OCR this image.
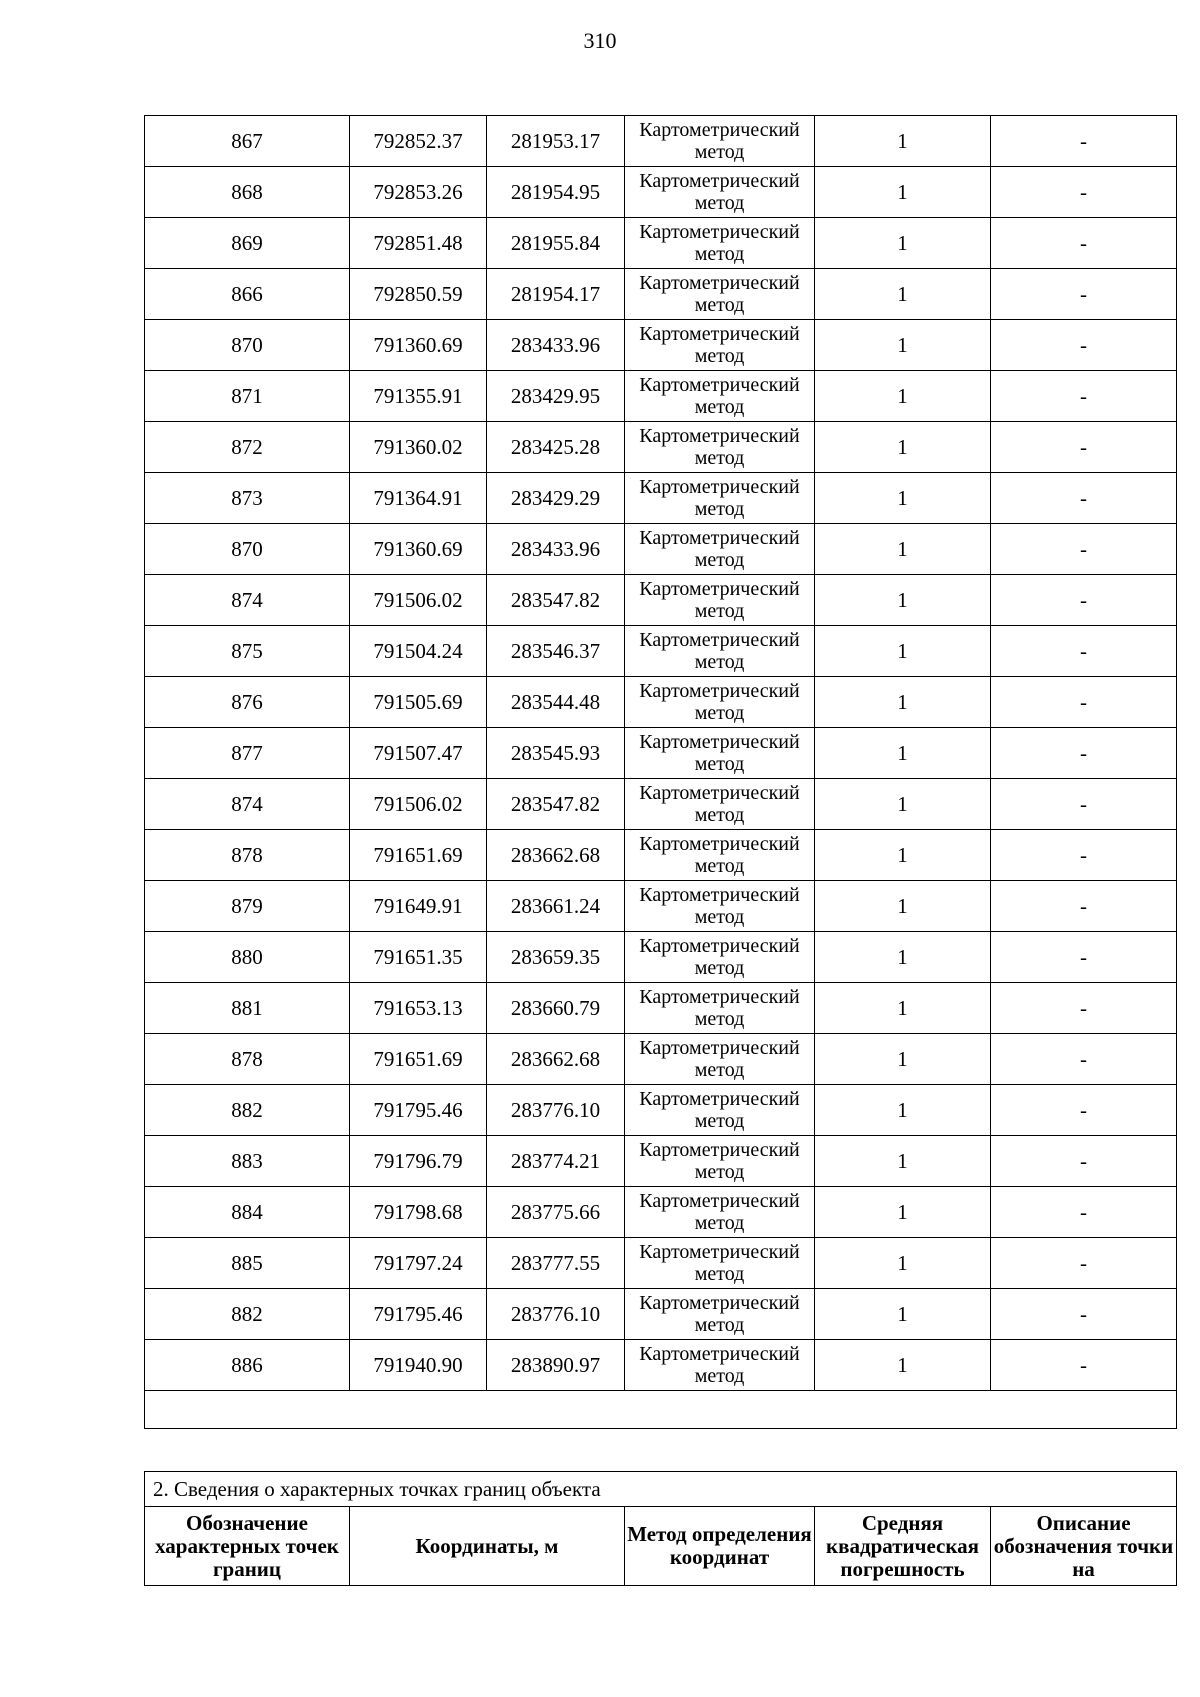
310
867	792852.37	281953.17	Картометрический метод	1	-
868	792853.26	281954.95	Картометрический метод	1	-
869	792851.48	281955.84	Картометрический метод	1	-
866	792850.59	281954.17	Картометрический метод	1	-
870	791360.69	283433.96	Картометрический метод	1	-
871	791355.91	283429.95	Картометрический метод	1	-
872	791360.02	283425.28	Картометрический метод	1	-
873	791364.91	283429.29	Картометрический метод	1	-
870	791360.69	283433.96	Картометрический метод	1	-
874	791506.02	283547.82	Картометрический метод	1	-
875	791504.24	283546.37	Картометрический метод	1	-
876	791505.69	283544.48	Картометрический метод	1	-
877	791507.47	283545.93	Картометрический метод	1	-
874	791506.02	283547.82	Картометрический метод	1	-
878	791651.69	283662.68	Картометрический метод	1	-
879	791649.91	283661.24	Картометрический метод	1	-
880	791651.35	283659.35	Картометрический метод	1	-
881	791653.13	283660.79	Картометрический метод	1	-
878	791651.69	283662.68	Картометрический метод	1	-
882	791795.46	283776.10	Картометрический метод	1	-
883	791796.79	283774.21	Картометрический метод	1	-
884	791798.68	283775.66	Картометрический метод	1	-
885	791797.24	283777.55	Картометрический метод	1	-
882	791795.46	283776.10	Картометрический метод	1	-
886	791940.90	283890.97	Картометрический метод	1	-

2. Сведения о характерных точках границ объекта
Обозначение характерных точек границ	Координаты, м	Метод определения координат	Средняя квадратическая погрешность	Описание обозначения точки на
